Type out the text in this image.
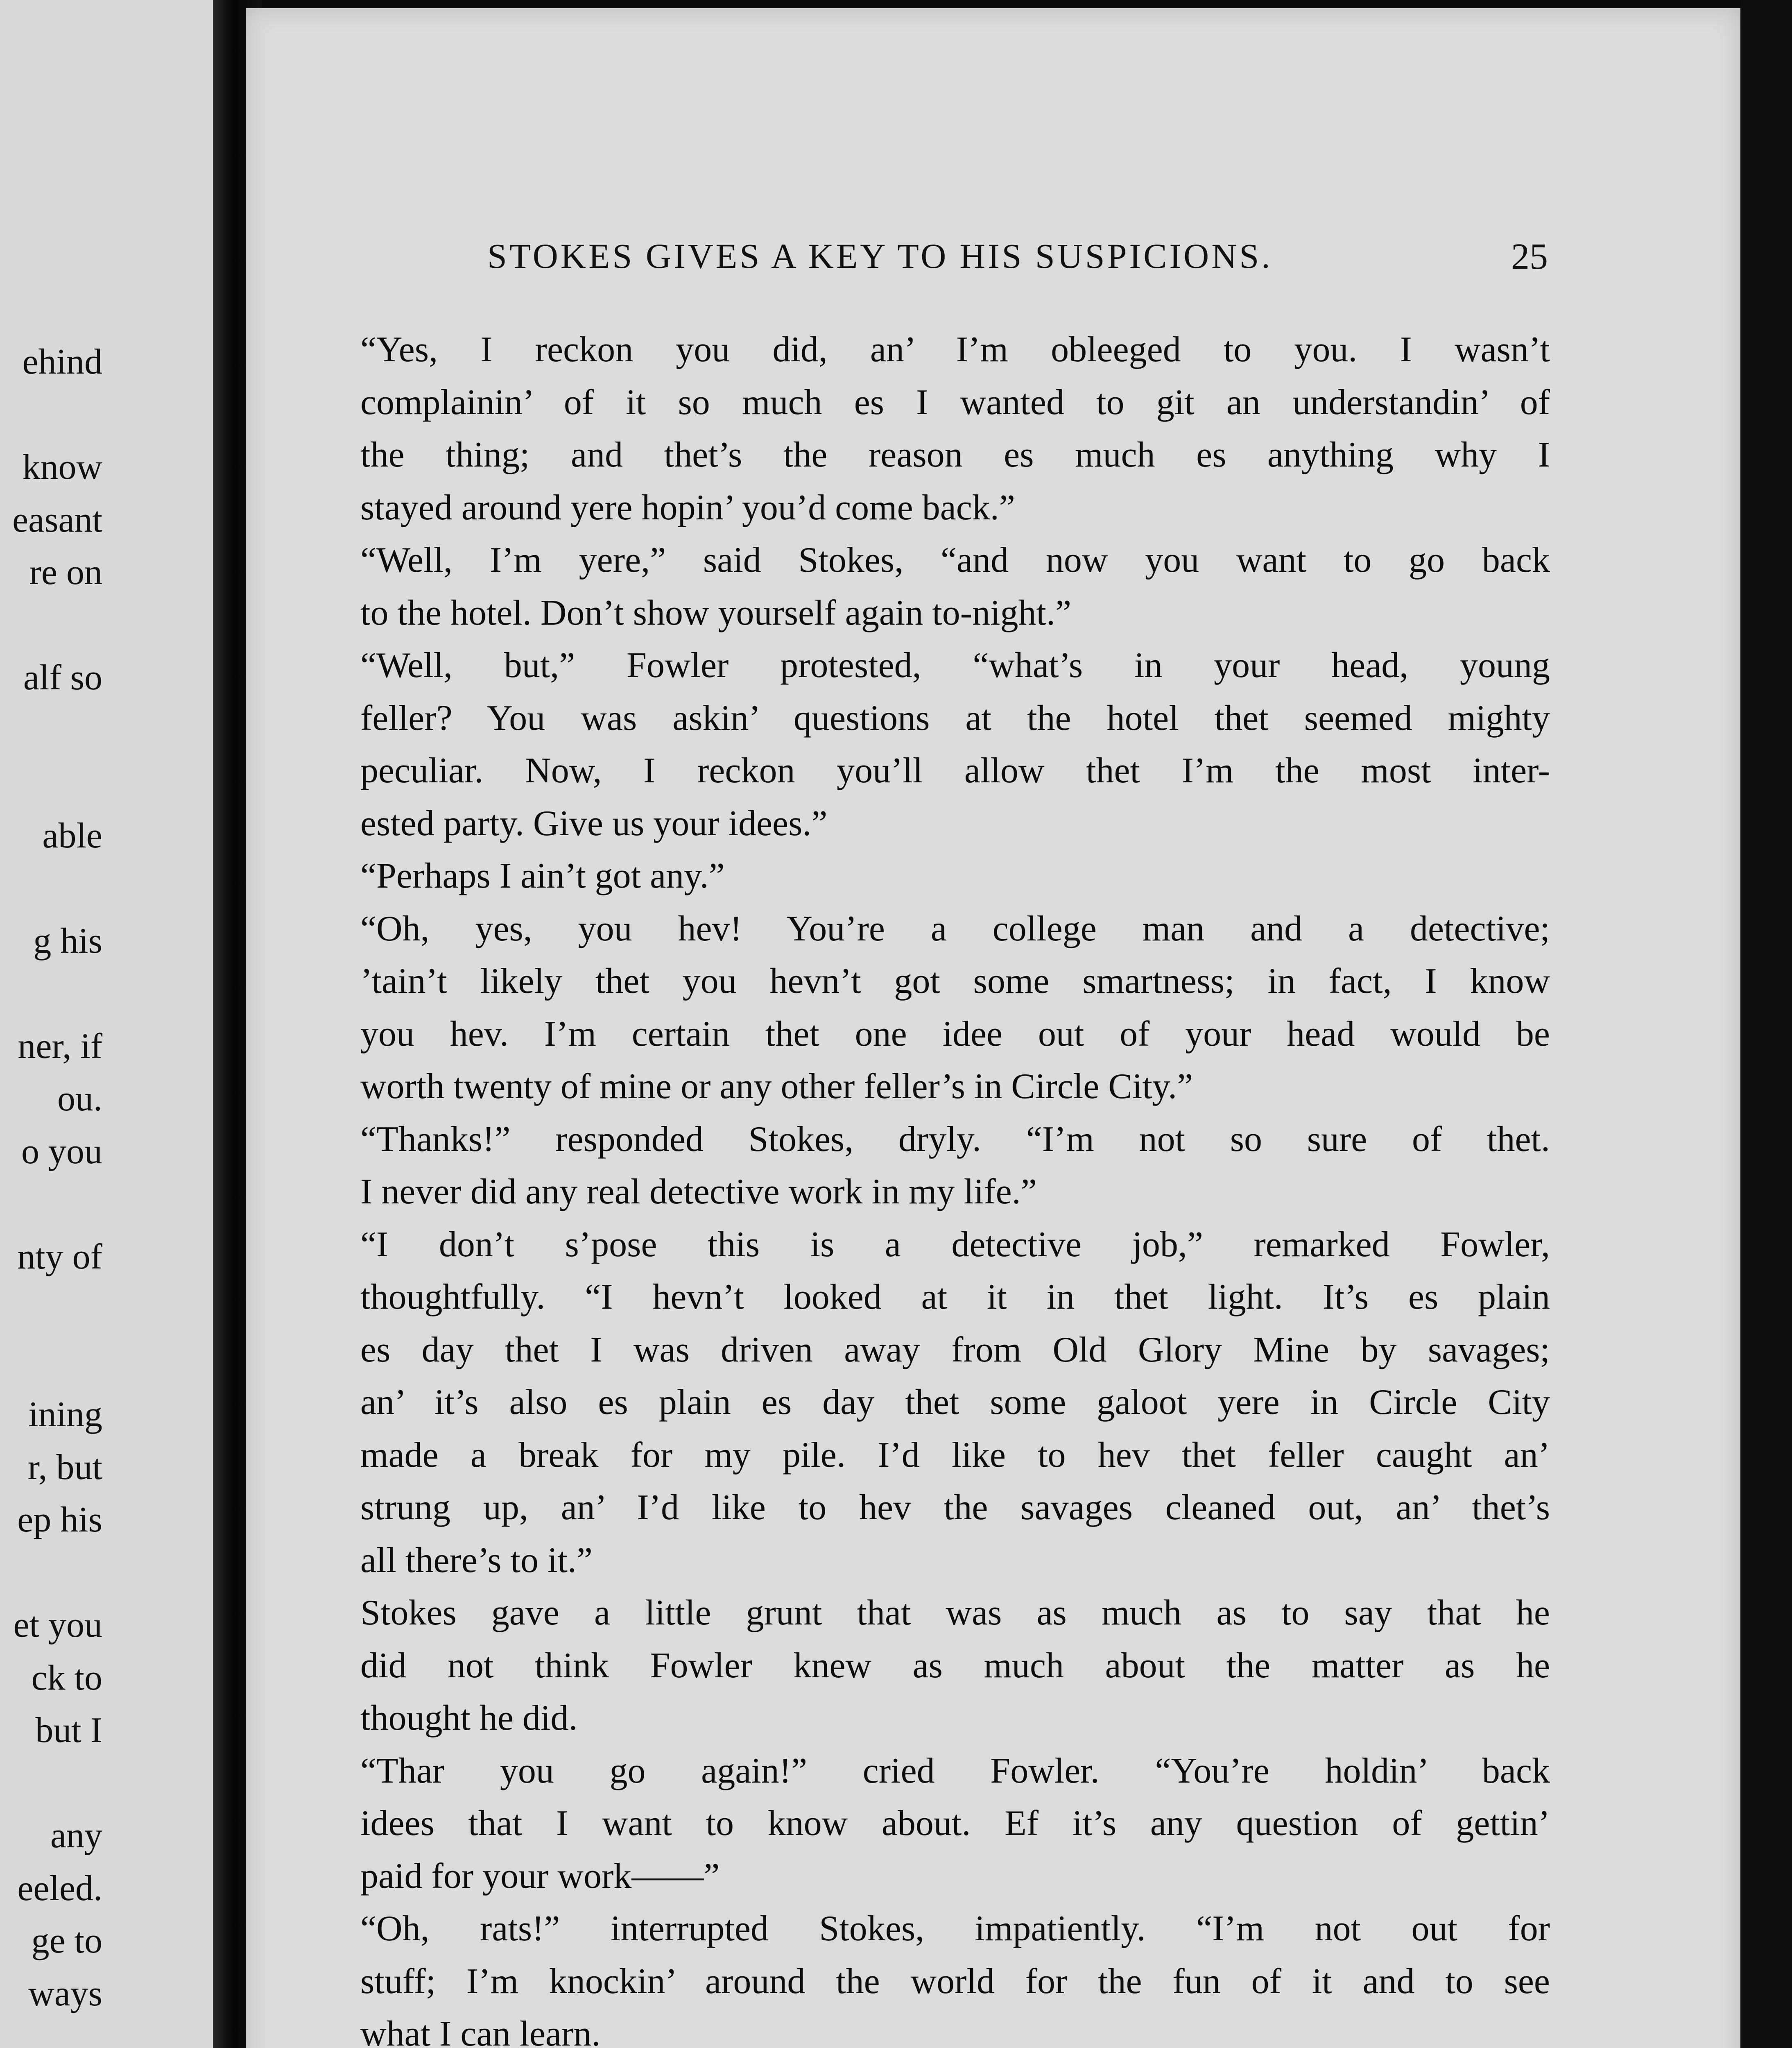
ehind
know
easant
re on
alf so
able
g his
ner, if
ou.
o you
nty of
ining
r, but
ep his
et you
ck to
but I
any
eeled.
ge to
ways
STOKES GIVES A KEY TO HIS SUSPICIONS.	25
“Yes, I reckon you did, an’ I’m obleeged to you. I wasn’t
complainin’ of it so much es I wanted to git an understandin’ of
the thing; and thet’s the reason es much es anything why I
stayed around yere hopin’ you’d come back.”
“Well, I’m yere,” said Stokes, “and now you want to go back
to the hotel. Don’t show yourself again to-night.”
“Well, but,” Fowler protested, “what’s in your head, young
feller? You was askin’ questions at the hotel thet seemed mighty
peculiar. Now, I reckon you’ll allow thet I’m the most inter-
ested party. Give us your idees.”
“Perhaps I ain’t got any.”
“Oh, yes, you hev! You’re a college man and a detective;
’tain’t likely thet you hevn’t got some smartness; in fact, I know
you hev. I’m certain thet one idee out of your head would be
worth twenty of mine or any other feller’s in Circle City.”
“Thanks!” responded Stokes, dryly. “I’m not so sure of thet.
I never did any real detective work in my life.”
“I don’t s’pose this is a detective job,” remarked Fowler,
thoughtfully. “I hevn’t looked at it in thet light. It’s es plain
es day thet I was driven away from Old Glory Mine by savages;
an’ it’s also es plain es day thet some galoot yere in Circle City
made a break for my pile. I’d like to hev thet feller caught an’
strung up, an’ I’d like to hev the savages cleaned out, an’ thet’s
all there’s to it.”
Stokes gave a little grunt that was as much as to say that he
did not think Fowler knew as much about the matter as he
thought he did.
“Thar you go again!” cried Fowler. “You’re holdin’ back
idees that I want to know about. Ef it’s any question of gettin’
paid for your work——”
“Oh, rats!” interrupted Stokes, impatiently. “I’m not out for
stuff; I’m knockin’ around the world for the fun of it and to see
what I can learn.
